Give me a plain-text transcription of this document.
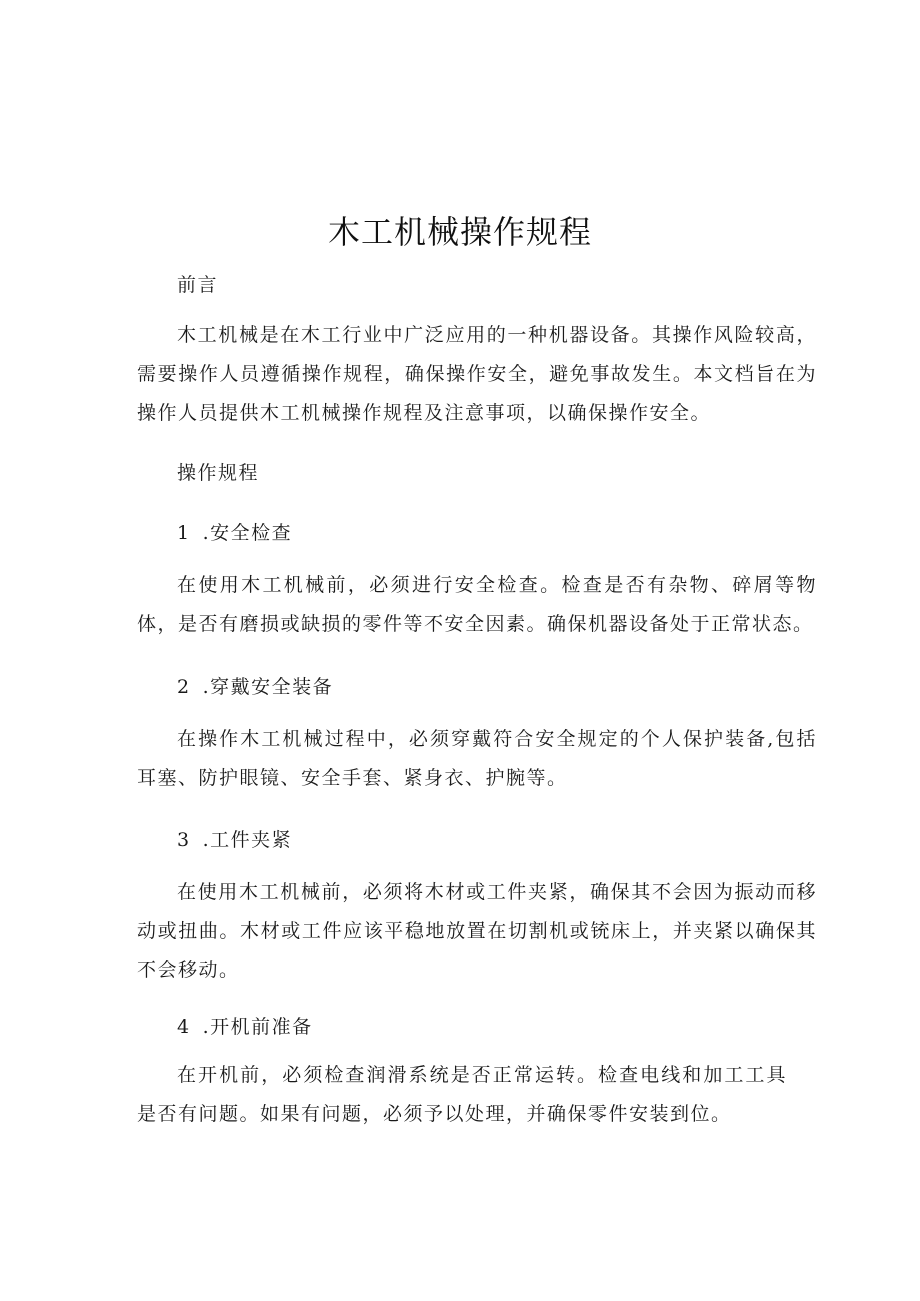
木工机械操作规程

前言

木工机械是在木工行业中广泛应用的一种机器设备。其操作风险较高，需要操作人员遵循操作规程，确保操作安全，避免事故发生。本文档旨在为操作人员提供木工机械操作规程及注意事项，以确保操作安全。

操作规程

1 .安全检查

在使用木工机械前，必须进行安全检查。检查是否有杂物、碎屑等物体，是否有磨损或缺损的零件等不安全因素。确保机器设备处于正常状态。

2 .穿戴安全装备

在操作木工机械过程中，必须穿戴符合安全规定的个人保护装备,包括耳塞、防护眼镜、安全手套、紧身衣、护腕等。

3 .工件夹紧

在使用木工机械前，必须将木材或工件夹紧，确保其不会因为振动而移动或扭曲。木材或工件应该平稳地放置在切割机或铳床上，并夹紧以确保其不会移动。

4 .开机前准备

在开机前，必须检查润滑系统是否正常运转。检查电线和加工工具是否有问题。如果有问题，必须予以处理，并确保零件安装到位。
